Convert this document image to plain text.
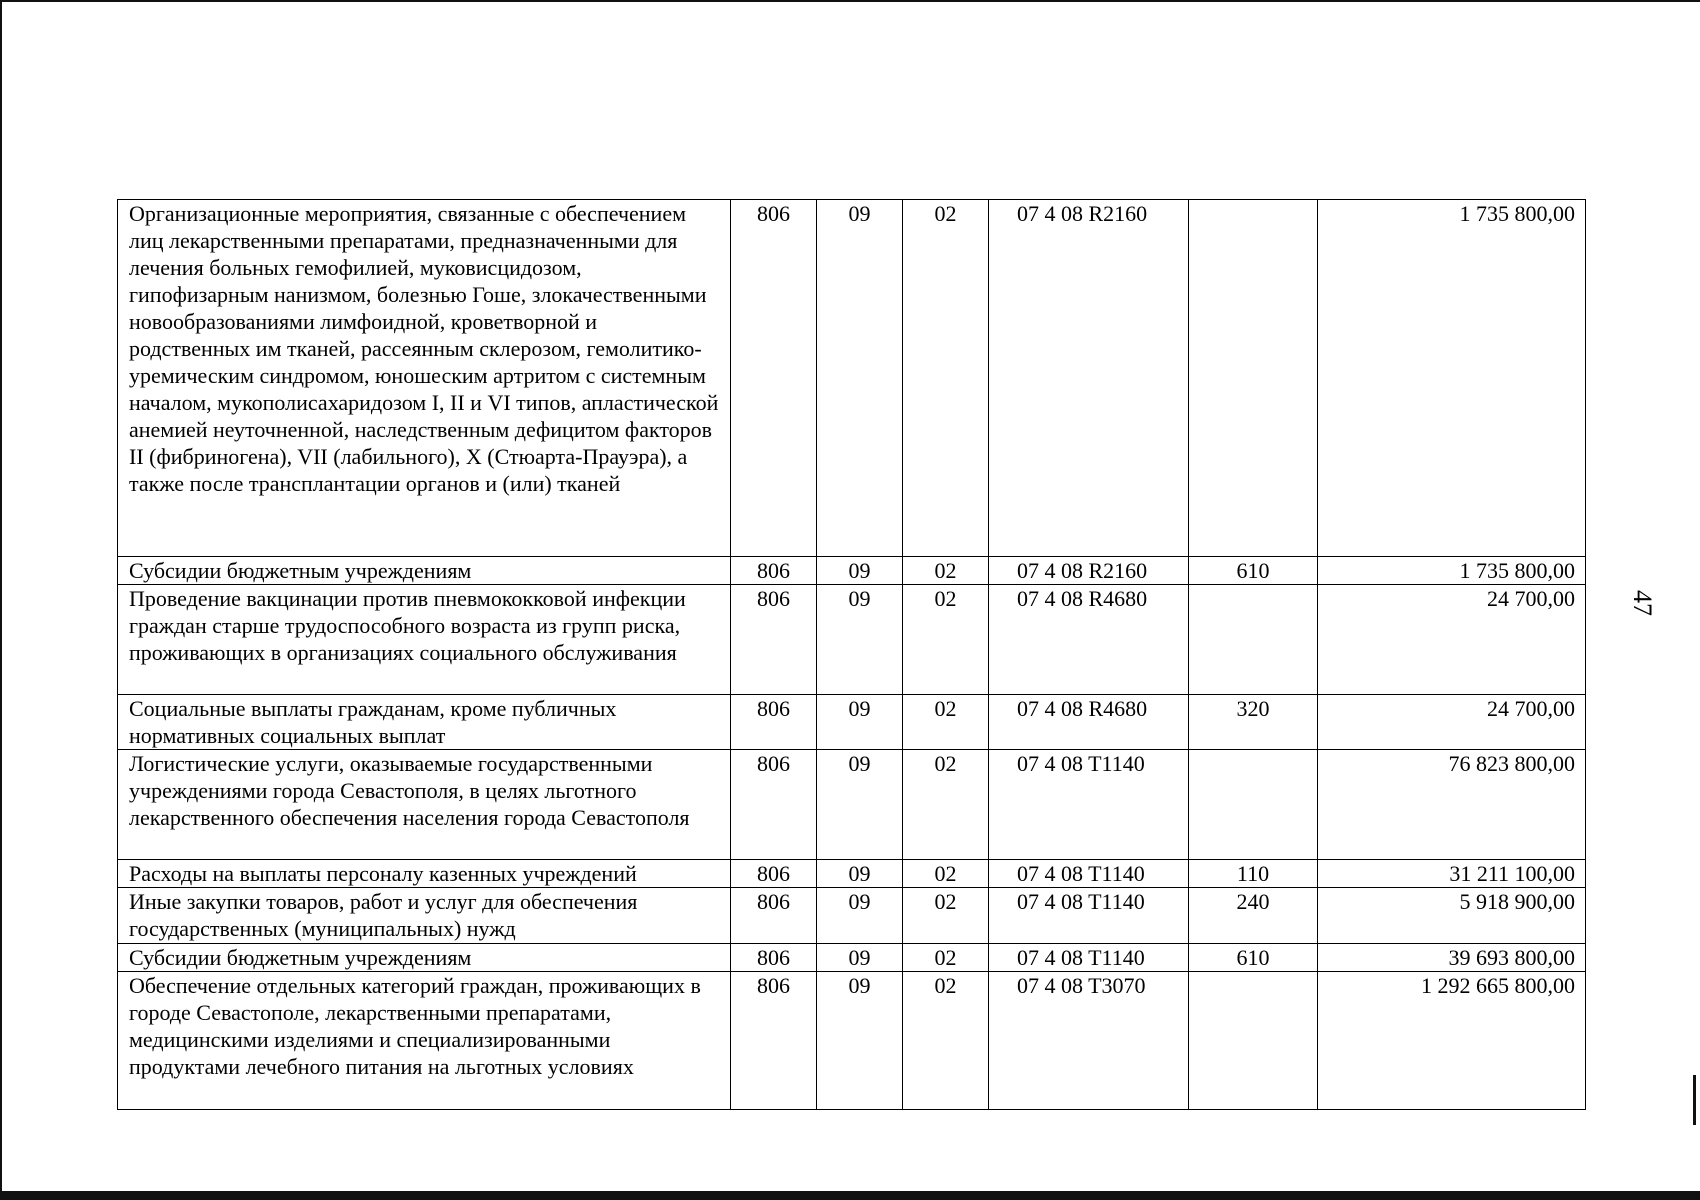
Организационные мероприятия, связанные с обеспечением лиц лекарственными препаратами, предназначенными для лечения больных гемофилией, муковисцидозом, гипофизарным нанизмом, болезнью Гоше, злокачественными новообразованиями лимфоидной, кроветворной и родственных им тканей, рассеянным склерозом, гемолитико-уремическим синдромом, юношеским артритом с системным началом, мукополисахаридозом I, II и VI типов, апластической анемией неуточненной, наследственным дефицитом факторов II (фибриногена), VII (лабильного), X (Стюарта-Прауэра), а также после трансплантации органов и (или) тканей	806	09	02	07 4 08 R2160		1 735 800,00
Субсидии бюджетным учреждениям	806	09	02	07 4 08 R2160	610	1 735 800,00
Проведение вакцинации против пневмококковой инфекции граждан старше трудоспособного возраста из групп риска, проживающих в организациях социального обслуживания	806	09	02	07 4 08 R4680		24 700,00
Социальные выплаты гражданам, кроме публичных нормативных социальных выплат	806	09	02	07 4 08 R4680	320	24 700,00
Логистические услуги, оказываемые государственными учреждениями города Севастополя, в целях льготного лекарственного обеспечения населения города Севастополя	806	09	02	07 4 08 T1140		76 823 800,00
Расходы на выплаты персоналу казенных учреждений	806	09	02	07 4 08 T1140	110	31 211 100,00
Иные закупки товаров, работ и услуг для обеспечения государственных (муниципальных) нужд	806	09	02	07 4 08 T1140	240	5 918 900,00
Субсидии бюджетным учреждениям	806	09	02	07 4 08 T1140	610	39 693 800,00
Обеспечение отдельных категорий граждан, проживающих в городе Севастополе, лекарственными препаратами, медицинскими изделиями и специализированными продуктами лечебного питания на льготных условиях	806	09	02	07 4 08 T3070		1 292 665 800,00
47
